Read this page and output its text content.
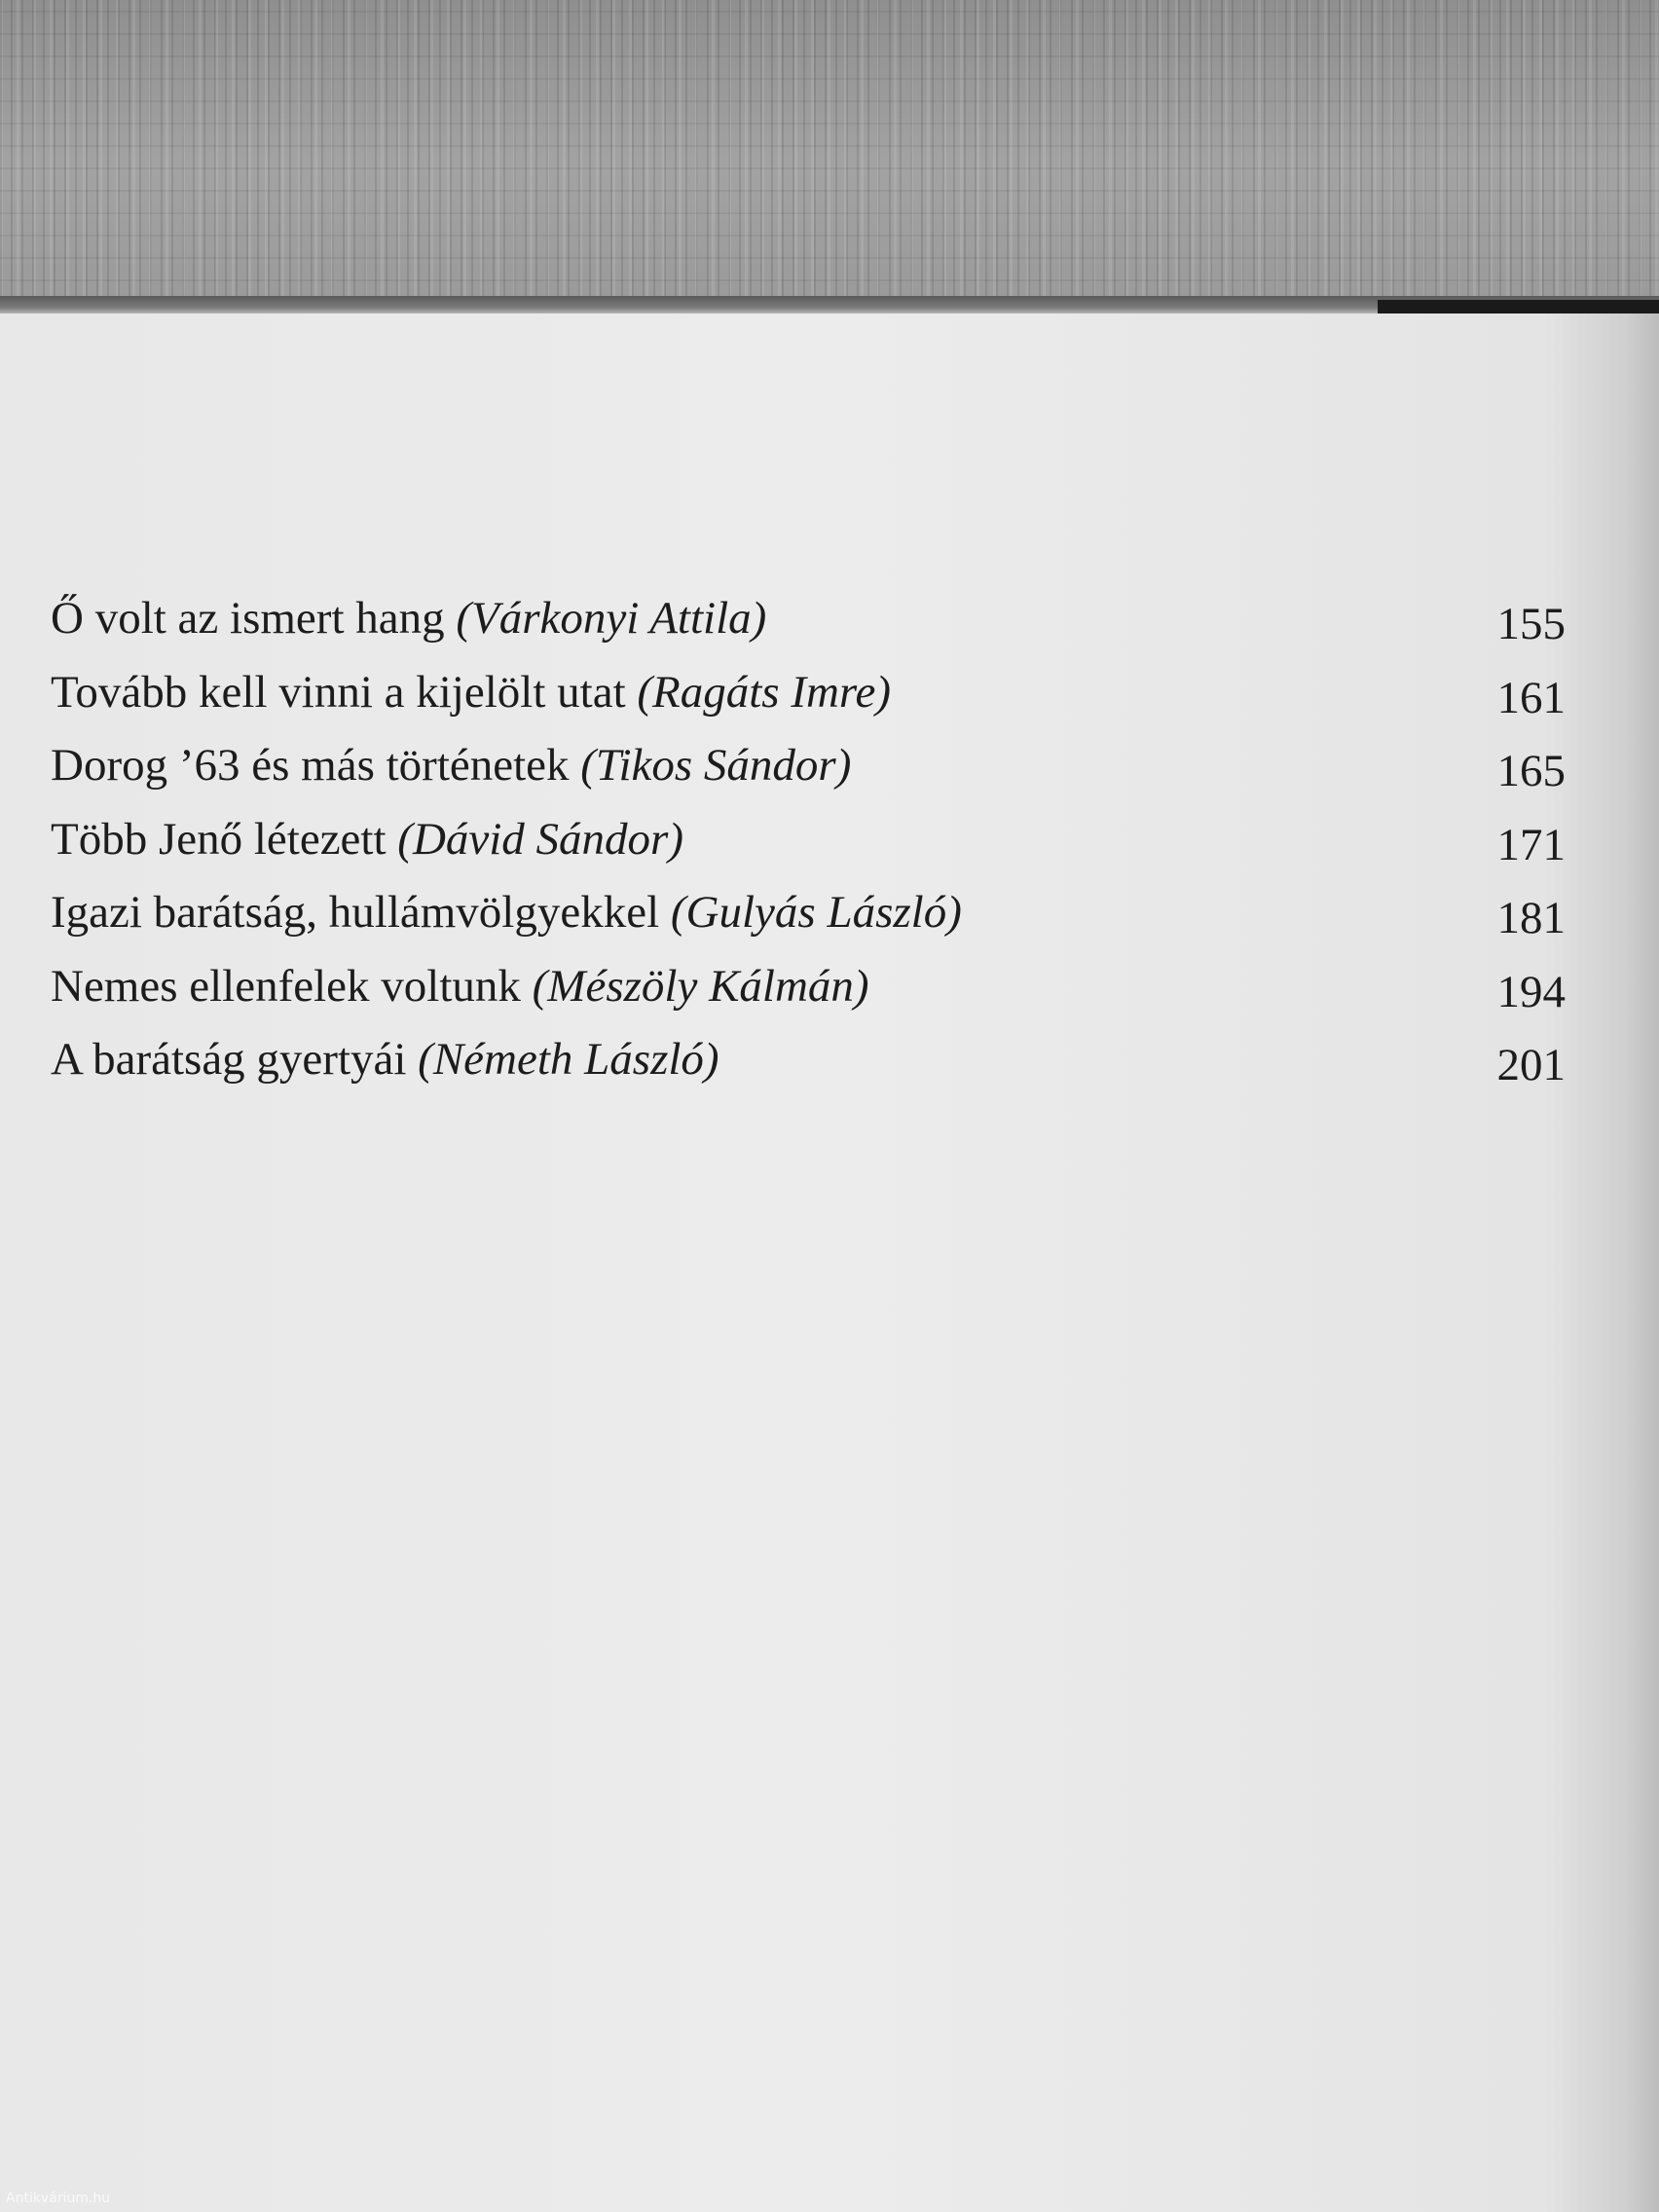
Ő volt az ismert hang (Várkonyi Attila)	155
Tovább kell vinni a kijelölt utat (Ragáts Imre)	161
Dorog ’63 és más történetek (Tikos Sándor)	165
Több Jenő létezett (Dávid Sándor)	171
Igazi barátság, hullámvölgyekkel (Gulyás László)	181
Nemes ellenfelek voltunk (Mészöly Kálmán)	194
A barátság gyertyái (Németh László)	201
Antikvárium.hu
